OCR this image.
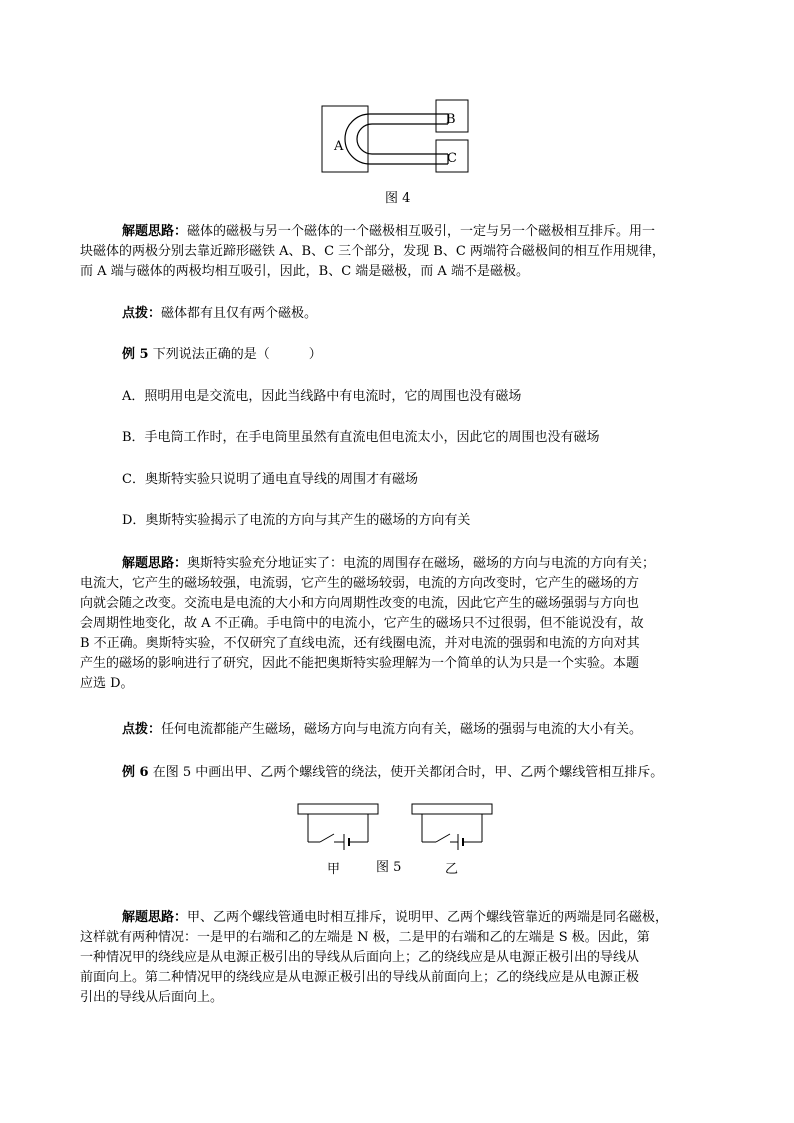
A
B
C
图 4
解题思路：磁体的磁极与另一个磁体的一个磁极相互吸引，一定与另一个磁极相互排斥。用一
块磁体的两极分别去靠近蹄形磁铁 A、B、C 三个部分，发现 B、C 两端符合磁极间的相互作用规律，
而 A 端与磁体的两极均相互吸引，因此，B、C 端是磁极，而 A 端不是磁极。
点拨：磁体都有且仅有两个磁极。
例 5 下列说法正确的是（　　　）
A．照明用电是交流电，因此当线路中有电流时，它的周围也没有磁场
B．手电筒工作时，在手电筒里虽然有直流电但电流太小，因此它的周围也没有磁场
C．奥斯特实验只说明了通电直导线的周围才有磁场
D．奥斯特实验揭示了电流的方向与其产生的磁场的方向有关
解题思路：奥斯特实验充分地证实了：电流的周围存在磁场，磁场的方向与电流的方向有关；
电流大，它产生的磁场较强，电流弱，它产生的磁场较弱，电流的方向改变时，它产生的磁场的方
向就会随之改变。交流电是电流的大小和方向周期性改变的电流，因此它产生的磁场强弱与方向也
会周期性地变化，故 A 不正确。手电筒中的电流小，它产生的磁场只不过很弱，但不能说没有，故
B 不正确。奥斯特实验，不仅研究了直线电流，还有线圈电流，并对电流的强弱和电流的方向对其
产生的磁场的影响进行了研究，因此不能把奥斯特实验理解为一个简单的认为只是一个实验。本题
应选 D。
点拨：任何电流都能产生磁场，磁场方向与电流方向有关，磁场的强弱与电流的大小有关。
例 6 在图 5 中画出甲、乙两个螺线管的绕法，使开关都闭合时，甲、乙两个螺线管相互排斥。
甲	图 5	乙
解题思路：甲、乙两个螺线管通电时相互排斥，说明甲、乙两个螺线管靠近的两端是同名磁极，
这样就有两种情况：一是甲的右端和乙的左端是 N 极，二是甲的右端和乙的左端是 S 极。因此，第
一种情况甲的绕线应是从电源正极引出的导线从后面向上；乙的绕线应是从电源正极引出的导线从
前面向上。第二种情况甲的绕线应是从电源正极引出的导线从前面向上；乙的绕线应是从电源正极
引出的导线从后面向上。
